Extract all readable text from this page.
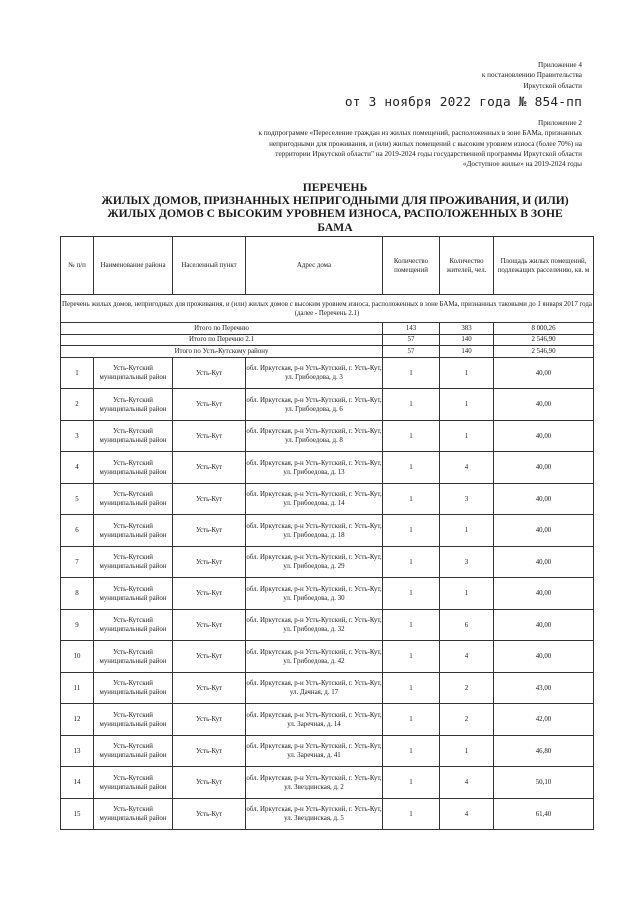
Приложение 4
к постановлению Правительства
Иркутской области
от 3 ноября 2022 года № 854-пп
Приложение 2
к подпрограмме «Переселение граждан из жилых помещений, расположенных в зоне БАМа, признанных
непригодными для проживания, и (или) жилых помещений с высоким уровнем износа (более 70%) на
территории Иркутской области" на 2019-2024 годы государственной программы Иркутской области
«Доступное жилье» на 2019-2024 годы
ПЕРЕЧЕНЬ
ЖИЛЫХ ДОМОВ, ПРИЗНАННЫХ НЕПРИГОДНЫМИ ДЛЯ ПРОЖИВАНИЯ, И (ИЛИ)
ЖИЛЫХ ДОМОВ С ВЫСОКИМ УРОВНЕМ ИЗНОСА, РАСПОЛОЖЕННЫХ В ЗОНЕ
БАМА
№ п/п	Наименование района	Населенный пункт	Адрес дома	Количество помещений	Количество жителей, чел.	Площадь жилых помещений, подлежащих расселению, кв. м
Перечень жилых домов, непригодных для проживания, и (или) жилых домов с высоким уровнем износа, расположенных в зоне БАМа, признанных таковыми до 1 января 2017 года (далее - Перечень 2.1)						
Итого по Перечню				143	383	8 000,26
Итого по Перечню 2.1				57	140	2 546,90
Итого по Усть-Кутскому району				57	140	2 546,90
1	Усть-Кутский муниципальный район	Усть-Кут	обл. Иркутская, р-н Усть-Кутский, г. Усть-Кут, ул. Грибоедова, д. 3	1	1	40,00
2	Усть-Кутский муниципальный район	Усть-Кут	обл. Иркутская, р-н Усть-Кутский, г. Усть-Кут, ул. Грибоедова, д. 6	1	1	40,00
3	Усть-Кутский муниципальный район	Усть-Кут	обл. Иркутская, р-н Усть-Кутский, г. Усть-Кут, ул. Грибоедова, д. 8	1	1	40,00
4	Усть-Кутский муниципальный район	Усть-Кут	обл. Иркутская, р-н Усть-Кутский, г. Усть-Кут, ул. Грибоедова, д. 13	1	4	40,00
5	Усть-Кутский муниципальный район	Усть-Кут	обл. Иркутская, р-н Усть-Кутский, г. Усть-Кут, ул. Грибоедова, д. 14	1	3	40,00
6	Усть-Кутский муниципальный район	Усть-Кут	обл. Иркутская, р-н Усть-Кутский, г. Усть-Кут, ул. Грибоедова, д. 18	1	1	40,00
7	Усть-Кутский муниципальный район	Усть-Кут	обл. Иркутская, р-н Усть-Кутский, г. Усть-Кут, ул. Грибоедова, д. 29	1	3	40,00
8	Усть-Кутский муниципальный район	Усть-Кут	обл. Иркутская, р-н Усть-Кутский, г. Усть-Кут, ул. Грибоедова, д. 30	1	1	40,00
9	Усть-Кутский муниципальный район	Усть-Кут	обл. Иркутская, р-н Усть-Кутский, г. Усть-Кут, ул. Грибоедова, д. 32	1	6	40,00
10	Усть-Кутский муниципальный район	Усть-Кут	обл. Иркутская, р-н Усть-Кутский, г. Усть-Кут, ул. Грибоедова, д. 42	1	4	40,00
11	Усть-Кутский муниципальный район	Усть-Кут	обл. Иркутская, р-н Усть-Кутский, г. Усть-Кут, ул. Дачная, д. 17	1	2	43,00
12	Усть-Кутский муниципальный район	Усть-Кут	обл. Иркутская, р-н Усть-Кутский, г. Усть-Кут, ул. Заречная, д. 14	1	2	42,00
13	Усть-Кутский муниципальный район	Усть-Кут	обл. Иркутская, р-н Усть-Кутский, г. Усть-Кут, ул. Заречная, д. 41	1	1	46,80
14	Усть-Кутский муниципальный район	Усть-Кут	обл. Иркутская, р-н Усть-Кутский, г. Усть-Кут, ул. Звездинская, д. 2	1	4	50,10
15	Усть-Кутский муниципальный район	Усть-Кут	обл. Иркутская, р-н Усть-Кутский, г. Усть-Кут, ул. Звездинская, д. 5	1	4	61,40
